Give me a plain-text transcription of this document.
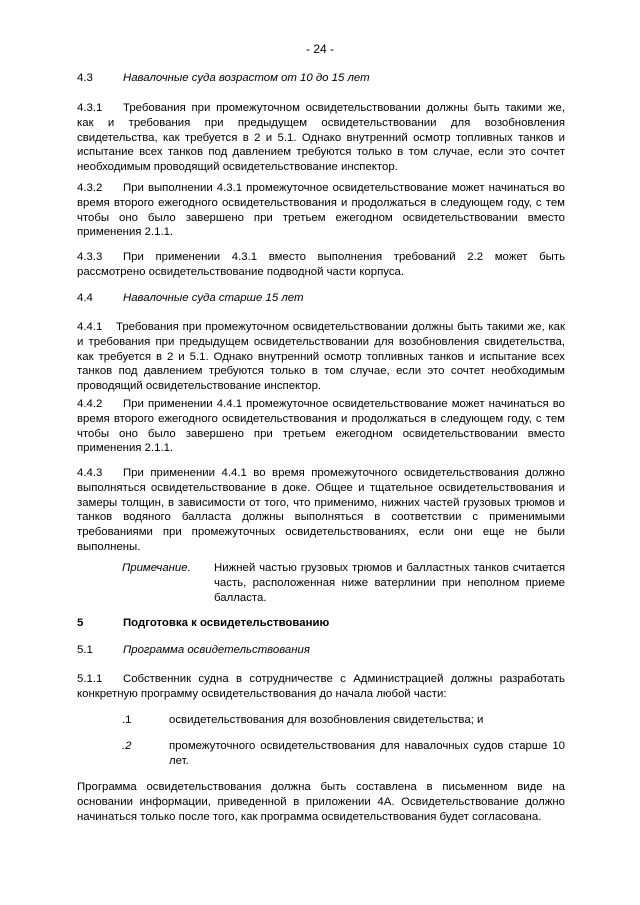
- 24 -
4.3	Навалочные суда возрастом от 10 до 15 лет
4.3.1 Требования при промежуточном освидетельствовании должны быть такими же, как и требования при предыдущем освидетельствовании для возобновления свидетельства, как требуется в 2 и 5.1. Однако внутренний осмотр топливных танков и испытание всех танков под давлением требуются только в том случае, если это сочтет необходимым проводящий освидетельствование инспектор.
4.3.2 При выполнении 4.3.1 промежуточное освидетельствование может начинаться во время второго ежегодного освидетельствования и продолжаться в следующем году, с тем чтобы оно было завершено при третьем ежегодном освидетельствовании вместо применения 2.1.1.
4.3.3 При применении 4.3.1 вместо выполнения требований 2.2 может быть рассмотрено освидетельствование подводной части корпуса.
4.4	Навалочные суда старше 15 лет
4.4.1 Требования при промежуточном освидетельствовании должны быть такими же, как и требования при предыдущем освидетельствовании для возобновления свидетельства, как требуется в 2 и 5.1. Однако внутренний осмотр топливных танков и испытание всех танков под давлением требуются только в том случае, если это сочтет необходимым проводящий освидетельствование инспектор.
4.4.2 При применении 4.4.1 промежуточное освидетельствование может начинаться во время второго ежегодного освидетельствования и продолжаться в следующем году, с тем чтобы оно было завершено при третьем ежегодном освидетельствовании вместо применения 2.1.1.
4.4.3 При применении 4.4.1 во время промежуточного освидетельствования должно выполняться освидетельствование в доке. Общее и тщательное освидетельствования и замеры толщин, в зависимости от того, что применимо, нижних частей грузовых трюмов и танков водяного балласта должны выполняться в соответствии с применимыми требованиями при промежуточных освидетельствованиях, если они еще не были выполнены.
Примечание. Нижней частью грузовых трюмов и балластных танков считается часть, расположенная ниже ватерлинии при неполном приеме балласта.
5	Подготовка к освидетельствованию
5.1	Программа освидетельствования
5.1.1 Собственник судна в сотрудничестве с Администрацией должны разработать конкретную программу освидетельствования до начала любой части:
.1	освидетельствования для возобновления свидетельства; и
.2	промежуточного освидетельствования для навалочных судов старше 10 лет.
Программа освидетельствования должна быть составлена в письменном виде на основании информации, приведенной в приложении 4А. Освидетельствование должно начинаться только после того, как программа освидетельствования будет согласована.
